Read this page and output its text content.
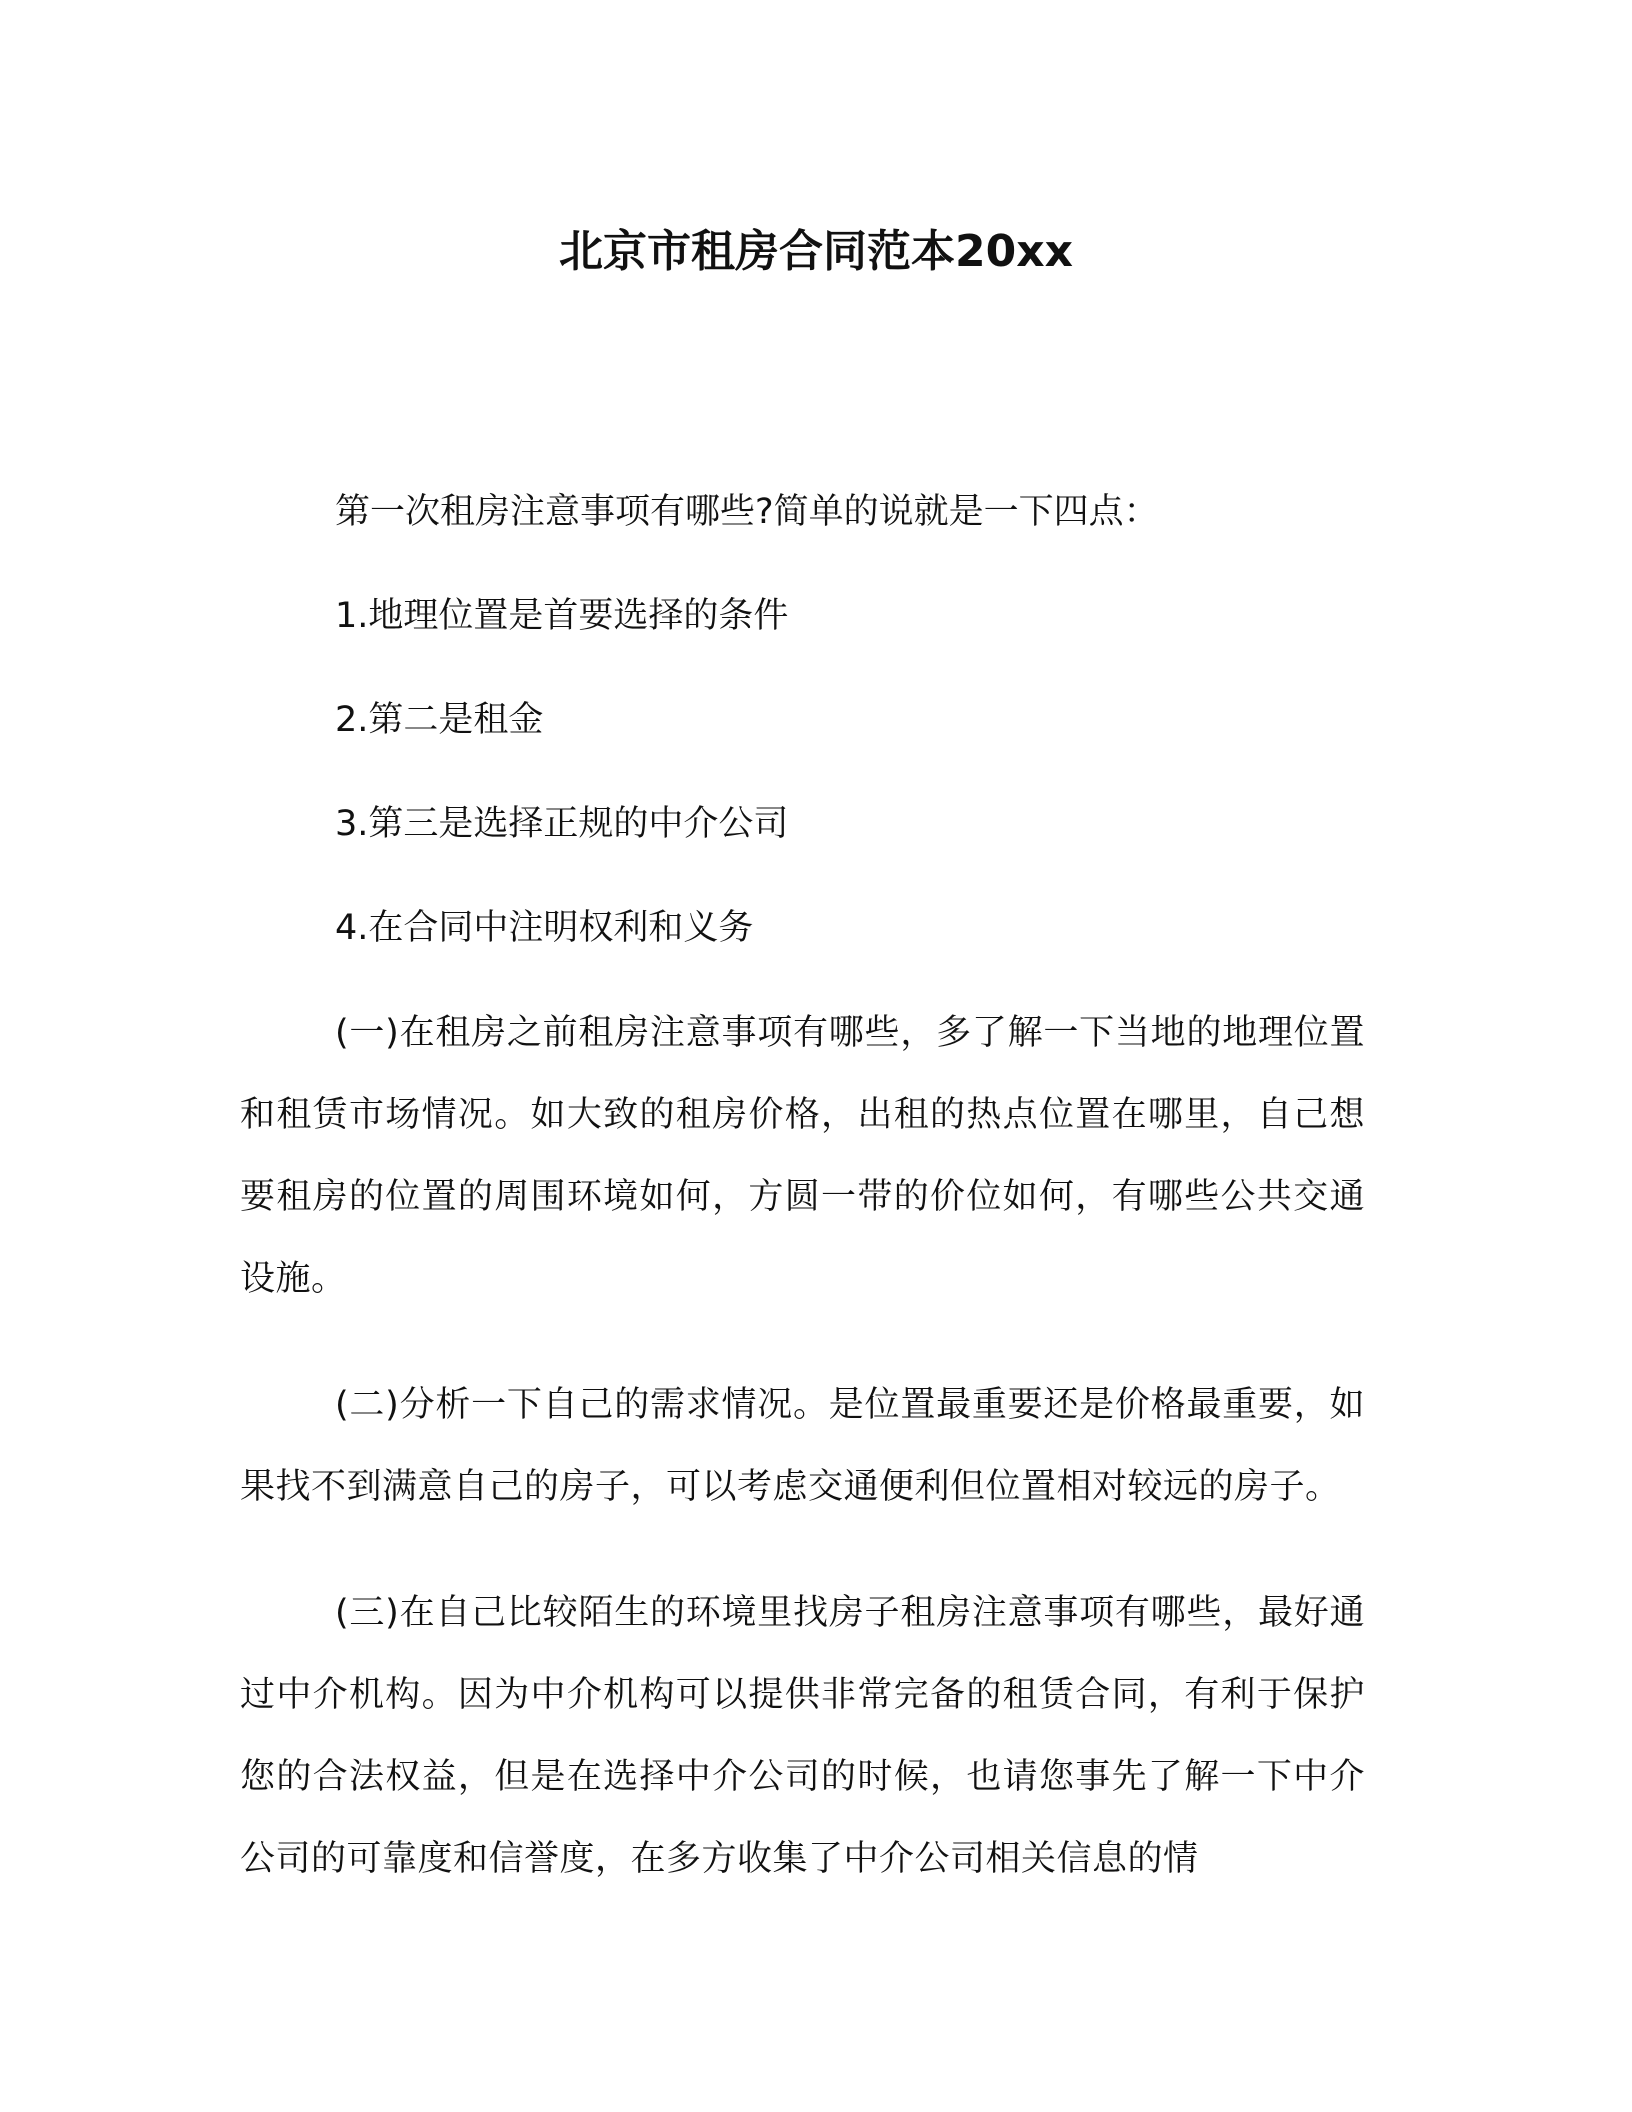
北京市租房合同范本20xx

第一次租房注意事项有哪些?简单的说就是一下四点：

1.地理位置是首要选择的条件

2.第二是租金

3.第三是选择正规的中介公司

4.在合同中注明权利和义务

(一)在租房之前租房注意事项有哪些，多了解一下当地的地理位置和租赁市场情况。如大致的租房价格，出租的热点位置在哪里，自己想要租房的位置的周围环境如何，方圆一带的价位如何，有哪些公共交通设施。

(二)分析一下自己的需求情况。是位置最重要还是价格最重要，如果找不到满意自己的房子，可以考虑交通便利但位置相对较远的房子。

(三)在自己比较陌生的环境里找房子租房注意事项有哪些，最好通过中介机构。因为中介机构可以提供非常完备的租赁合同，有利于保护您的合法权益，但是在选择中介公司的时候，也请您事先了解一下中介公司的可靠度和信誉度，在多方收集了中介公司相关信息的情
